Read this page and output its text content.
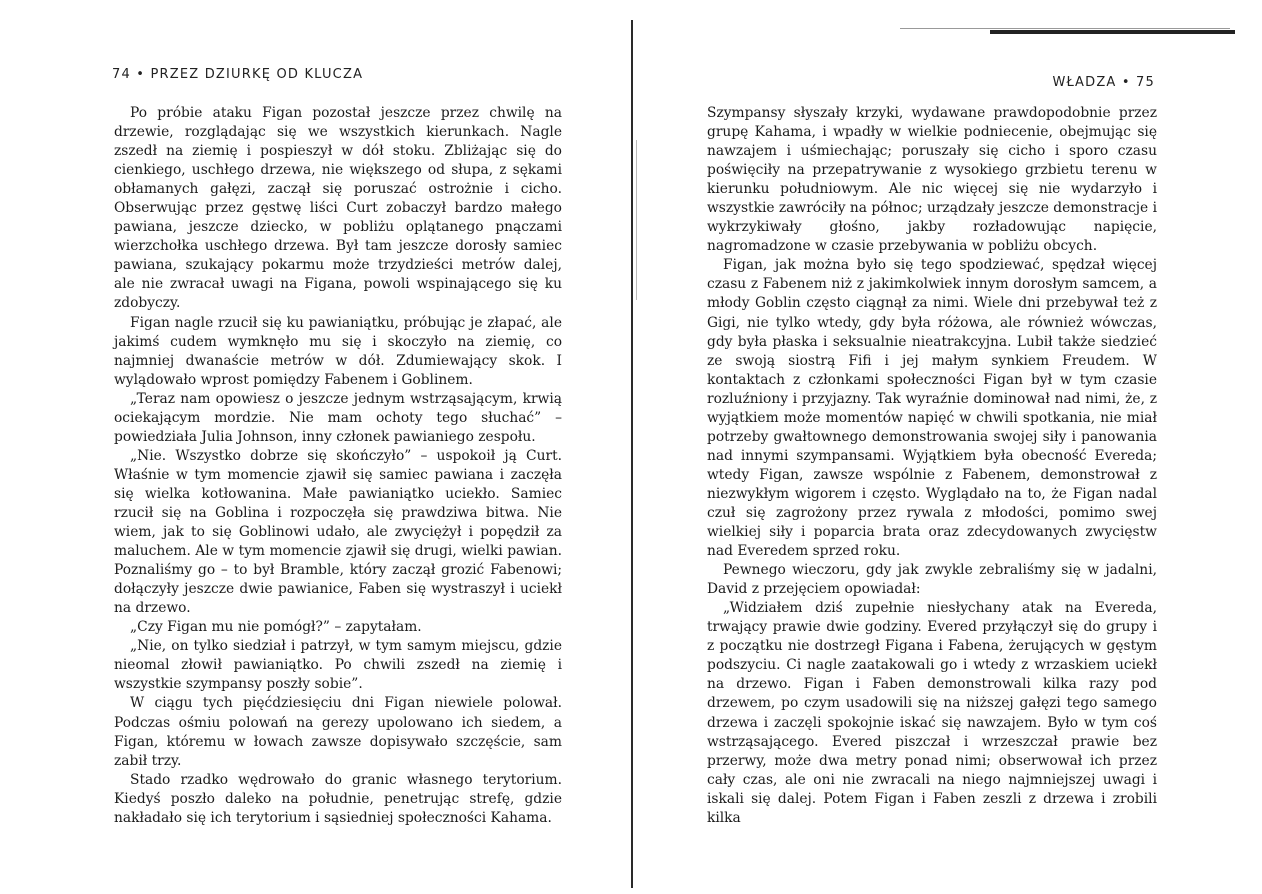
74 • PRZEZ DZIURKĘ OD KLUCZA
WŁADZA • 75

Po próbie ataku Figan pozostał jeszcze przez chwilę na drzewie, rozglądając się we wszystkich kierunkach. Nagle zszedł na ziemię i pospieszył w dół stoku. Zbliżając się do cienkiego, uschłego drzewa, nie większego od słupa, z sękami obłamanych gałęzi, zaczął się poruszać ostrożnie i cicho. Obserwując przez gęstwę liści Curt zobaczył bardzo małego pawiana, jeszcze dziecko, w pobliżu oplątanego pnączami wierzchołka uschłego drzewa. Był tam jeszcze dorosły samiec pawiana, szukający pokarmu może trzydzieści metrów dalej, ale nie zwracał uwagi na Figana, powoli wspinającego się ku zdobyczy.

Figan nagle rzucił się ku pawianiątku, próbując je złapać, ale jakimś cudem wymknęło mu się i skoczyło na ziemię, co najmniej dwanaście metrów w dół. Zdumiewający skok. I wylądowało wprost pomiędzy Fabenem i Goblinem.

„Teraz nam opowiesz o jeszcze jednym wstrząsającym, krwią ociekającym mordzie. Nie mam ochoty tego słuchać” – powiedziała Julia Johnson, inny członek pawianiego zespołu.

„Nie. Wszystko dobrze się skończyło” – uspokoił ją Curt. Właśnie w tym momencie zjawił się samiec pawiana i zaczęła się wielka kotłowanina. Małe pawianiątko uciekło. Samiec rzucił się na Goblina i rozpoczęła się prawdziwa bitwa. Nie wiem, jak to się Goblinowi udało, ale zwyciężył i popędził za maluchem. Ale w tym momencie zjawił się drugi, wielki pawian. Poznaliśmy go – to był Bramble, który zaczął grozić Fabenowi; dołączyły jeszcze dwie pawianice, Faben się wystraszył i uciekł na drzewo.

„Czy Figan mu nie pomógł?” – zapytałam.

„Nie, on tylko siedział i patrzył, w tym samym miejscu, gdzie nieomal złowił pawianiątko. Po chwili zszedł na ziemię i wszystkie szympansy poszły sobie”.

W ciągu tych pięćdziesięciu dni Figan niewiele polował. Podczas ośmiu polowań na gerezy upolowano ich siedem, a Figan, któremu w łowach zawsze dopisywało szczęście, sam zabił trzy.

Stado rzadko wędrowało do granic własnego terytorium. Kiedyś poszło daleko na południe, penetrując strefę, gdzie nakładało się ich terytorium i sąsiedniej społeczności Kahama.

Szympansy słyszały krzyki, wydawane prawdopodobnie przez grupę Kahama, i wpadły w wielkie podniecenie, obejmując się nawzajem i uśmiechając; poruszały się cicho i sporo czasu poświęciły na przepatrywanie z wysokiego grzbietu terenu w kierunku południowym. Ale nic więcej się nie wydarzyło i wszystkie zawróciły na północ; urządzały jeszcze demonstracje i wykrzykiwały głośno, jakby rozładowując napięcie, nagromadzone w czasie przebywania w pobliżu obcych.

Figan, jak można było się tego spodziewać, spędzał więcej czasu z Fabenem niż z jakimkolwiek innym dorosłym samcem, a młody Goblin często ciągnął za nimi. Wiele dni przebywał też z Gigi, nie tylko wtedy, gdy była różowa, ale również wówczas, gdy była płaska i seksualnie nieatrakcyjna. Lubił także siedzieć ze swoją siostrą Fifi i jej małym synkiem Freudem. W kontaktach z członkami społeczności Figan był w tym czasie rozluźniony i przyjazny. Tak wyraźnie dominował nad nimi, że, z wyjątkiem może momentów napięć w chwili spotkania, nie miał potrzeby gwałtownego demonstrowania swojej siły i panowania nad innymi szympansami. Wyjątkiem była obecność Evereda; wtedy Figan, zawsze wspólnie z Fabenem, demonstrował z niezwykłym wigorem i często. Wyglądało na to, że Figan nadal czuł się zagrożony przez rywala z młodości, pomimo swej wielkiej siły i poparcia brata oraz zdecydowanych zwycięstw nad Everedem sprzed roku.

Pewnego wieczoru, gdy jak zwykle zebraliśmy się w jadalni, David z przejęciem opowiadał:

„Widziałem dziś zupełnie niesłychany atak na Evereda, trwający prawie dwie godziny. Evered przyłączył się do grupy i z początku nie dostrzegł Figana i Fabena, żerujących w gęstym podszyciu. Ci nagle zaatakowali go i wtedy z wrzaskiem uciekł na drzewo. Figan i Faben demonstrowali kilka razy pod drzewem, po czym usadowili się na niższej gałęzi tego samego drzewa i zaczęli spokojnie iskać się nawzajem. Było w tym coś wstrząsającego. Evered piszczał i wrzeszczał prawie bez przerwy, może dwa metry ponad nimi; obserwował ich przez cały czas, ale oni nie zwracali na niego najmniejszej uwagi i iskali się dalej. Potem Figan i Faben zeszli z drzewa i zrobili kilka
